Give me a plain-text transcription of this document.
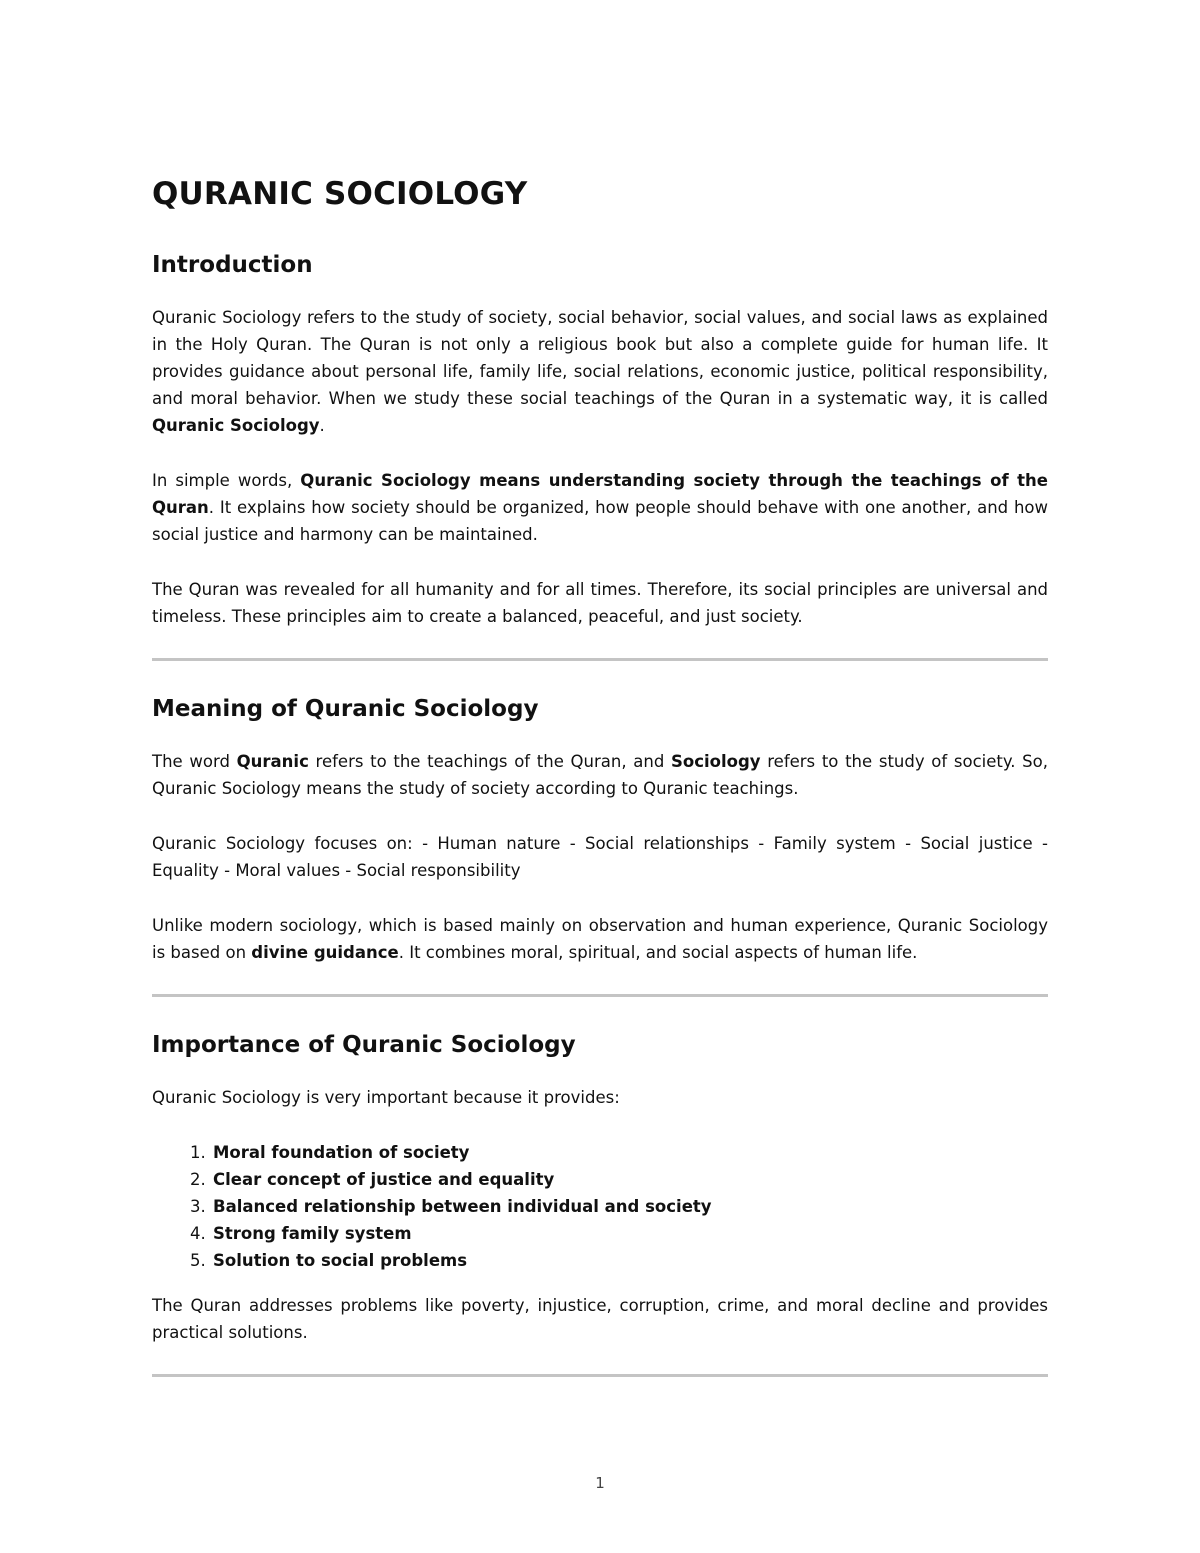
QURANIC SOCIOLOGY
Introduction

Quranic Sociology refers to the study of society, social behavior, social values, and social laws as explained in the Holy Quran. The Quran is not only a religious book but also a complete guide for human life. It provides guidance about personal life, family life, social relations, economic justice, political responsibility, and moral behavior. When we study these social teachings of the Quran in a systematic way, it is called Quranic Sociology.

In simple words, Quranic Sociology means understanding society through the teachings of the Quran. It explains how society should be organized, how people should behave with one another, and how social justice and harmony can be maintained.

The Quran was revealed for all humanity and for all times. Therefore, its social principles are universal and timeless. These principles aim to create a balanced, peaceful, and just society.

Meaning of Quranic Sociology

The word Quranic refers to the teachings of the Quran, and Sociology refers to the study of society. So, Quranic Sociology means the study of society according to Quranic teachings.

Quranic Sociology focuses on: - Human nature - Social relationships - Family system - Social justice - Equality - Moral values - Social responsibility

Unlike modern sociology, which is based mainly on observation and human experience, Quranic Sociology is based on divine guidance. It combines moral, spiritual, and social aspects of human life.

Importance of Quranic Sociology

Quranic Sociology is very important because it provides:

1. Moral foundation of society
2. Clear concept of justice and equality
3. Balanced relationship between individual and society
4. Strong family system
5. Solution to social problems

The Quran addresses problems like poverty, injustice, corruption, crime, and moral decline and provides practical solutions.

1
